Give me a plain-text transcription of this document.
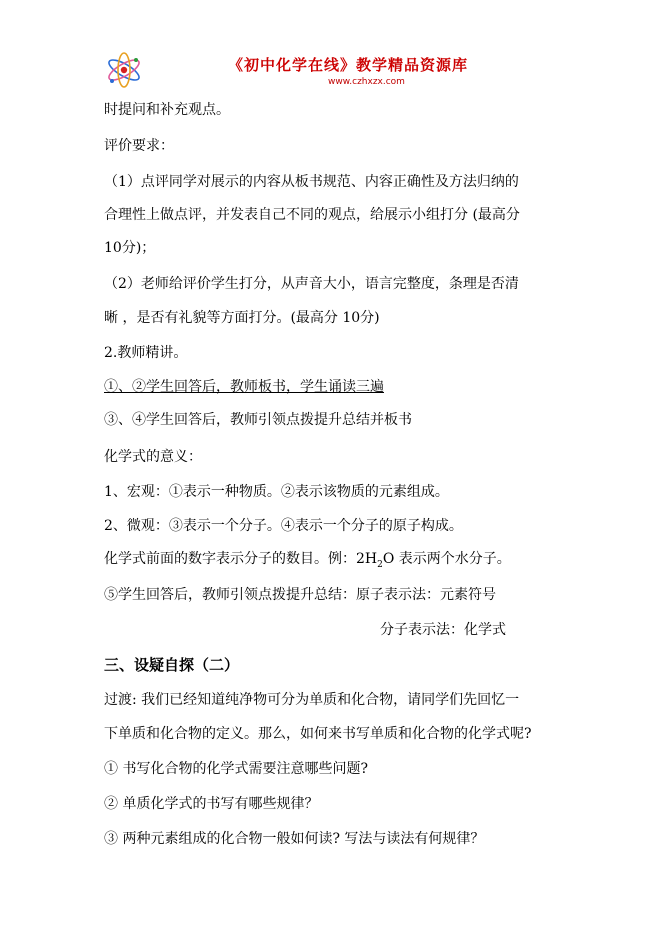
《初中化学在线》教学精品资源库
www.czhxzx.com
时提问和补充观点。
评价要求：
（1）点评同学对展示的内容从板书规范、内容正确性及方法归纳的
合理性上做点评，并发表自己不同的观点，给展示小组打分 (最高分
10分)；
（2）老师给评价学生打分，从声音大小，语言完整度，条理是否清
晰 ，是否有礼貌等方面打分。(最高分 10分)
2.教师精讲。
①、②学生回答后，教师板书，学生诵读三遍
③、④学生回答后，教师引领点拨提升总结并板书
化学式的意义：
1、宏观：①表示一种物质。②表示该物质的元素组成。
2、微观：③表示一个分子。④表示一个分子的原子构成。
化学式前面的数字表示分子的数目。例：$2H_2O$ 表示两个水分子。
⑤学生回答后，教师引领点拨提升总结：原子表示法：元素符号
分子表示法：化学式
三、设疑自探（二）
过渡: 我们已经知道纯净物可分为单质和化合物，请同学们先回忆一
下单质和化合物的定义。那么，如何来书写单质和化合物的化学式呢?
① 书写化合物的化学式需要注意哪些问题?
② 单质化学式的书写有哪些规律？
③ 两种元素组成的化合物一般如何读? 写法与读法有何规律？
